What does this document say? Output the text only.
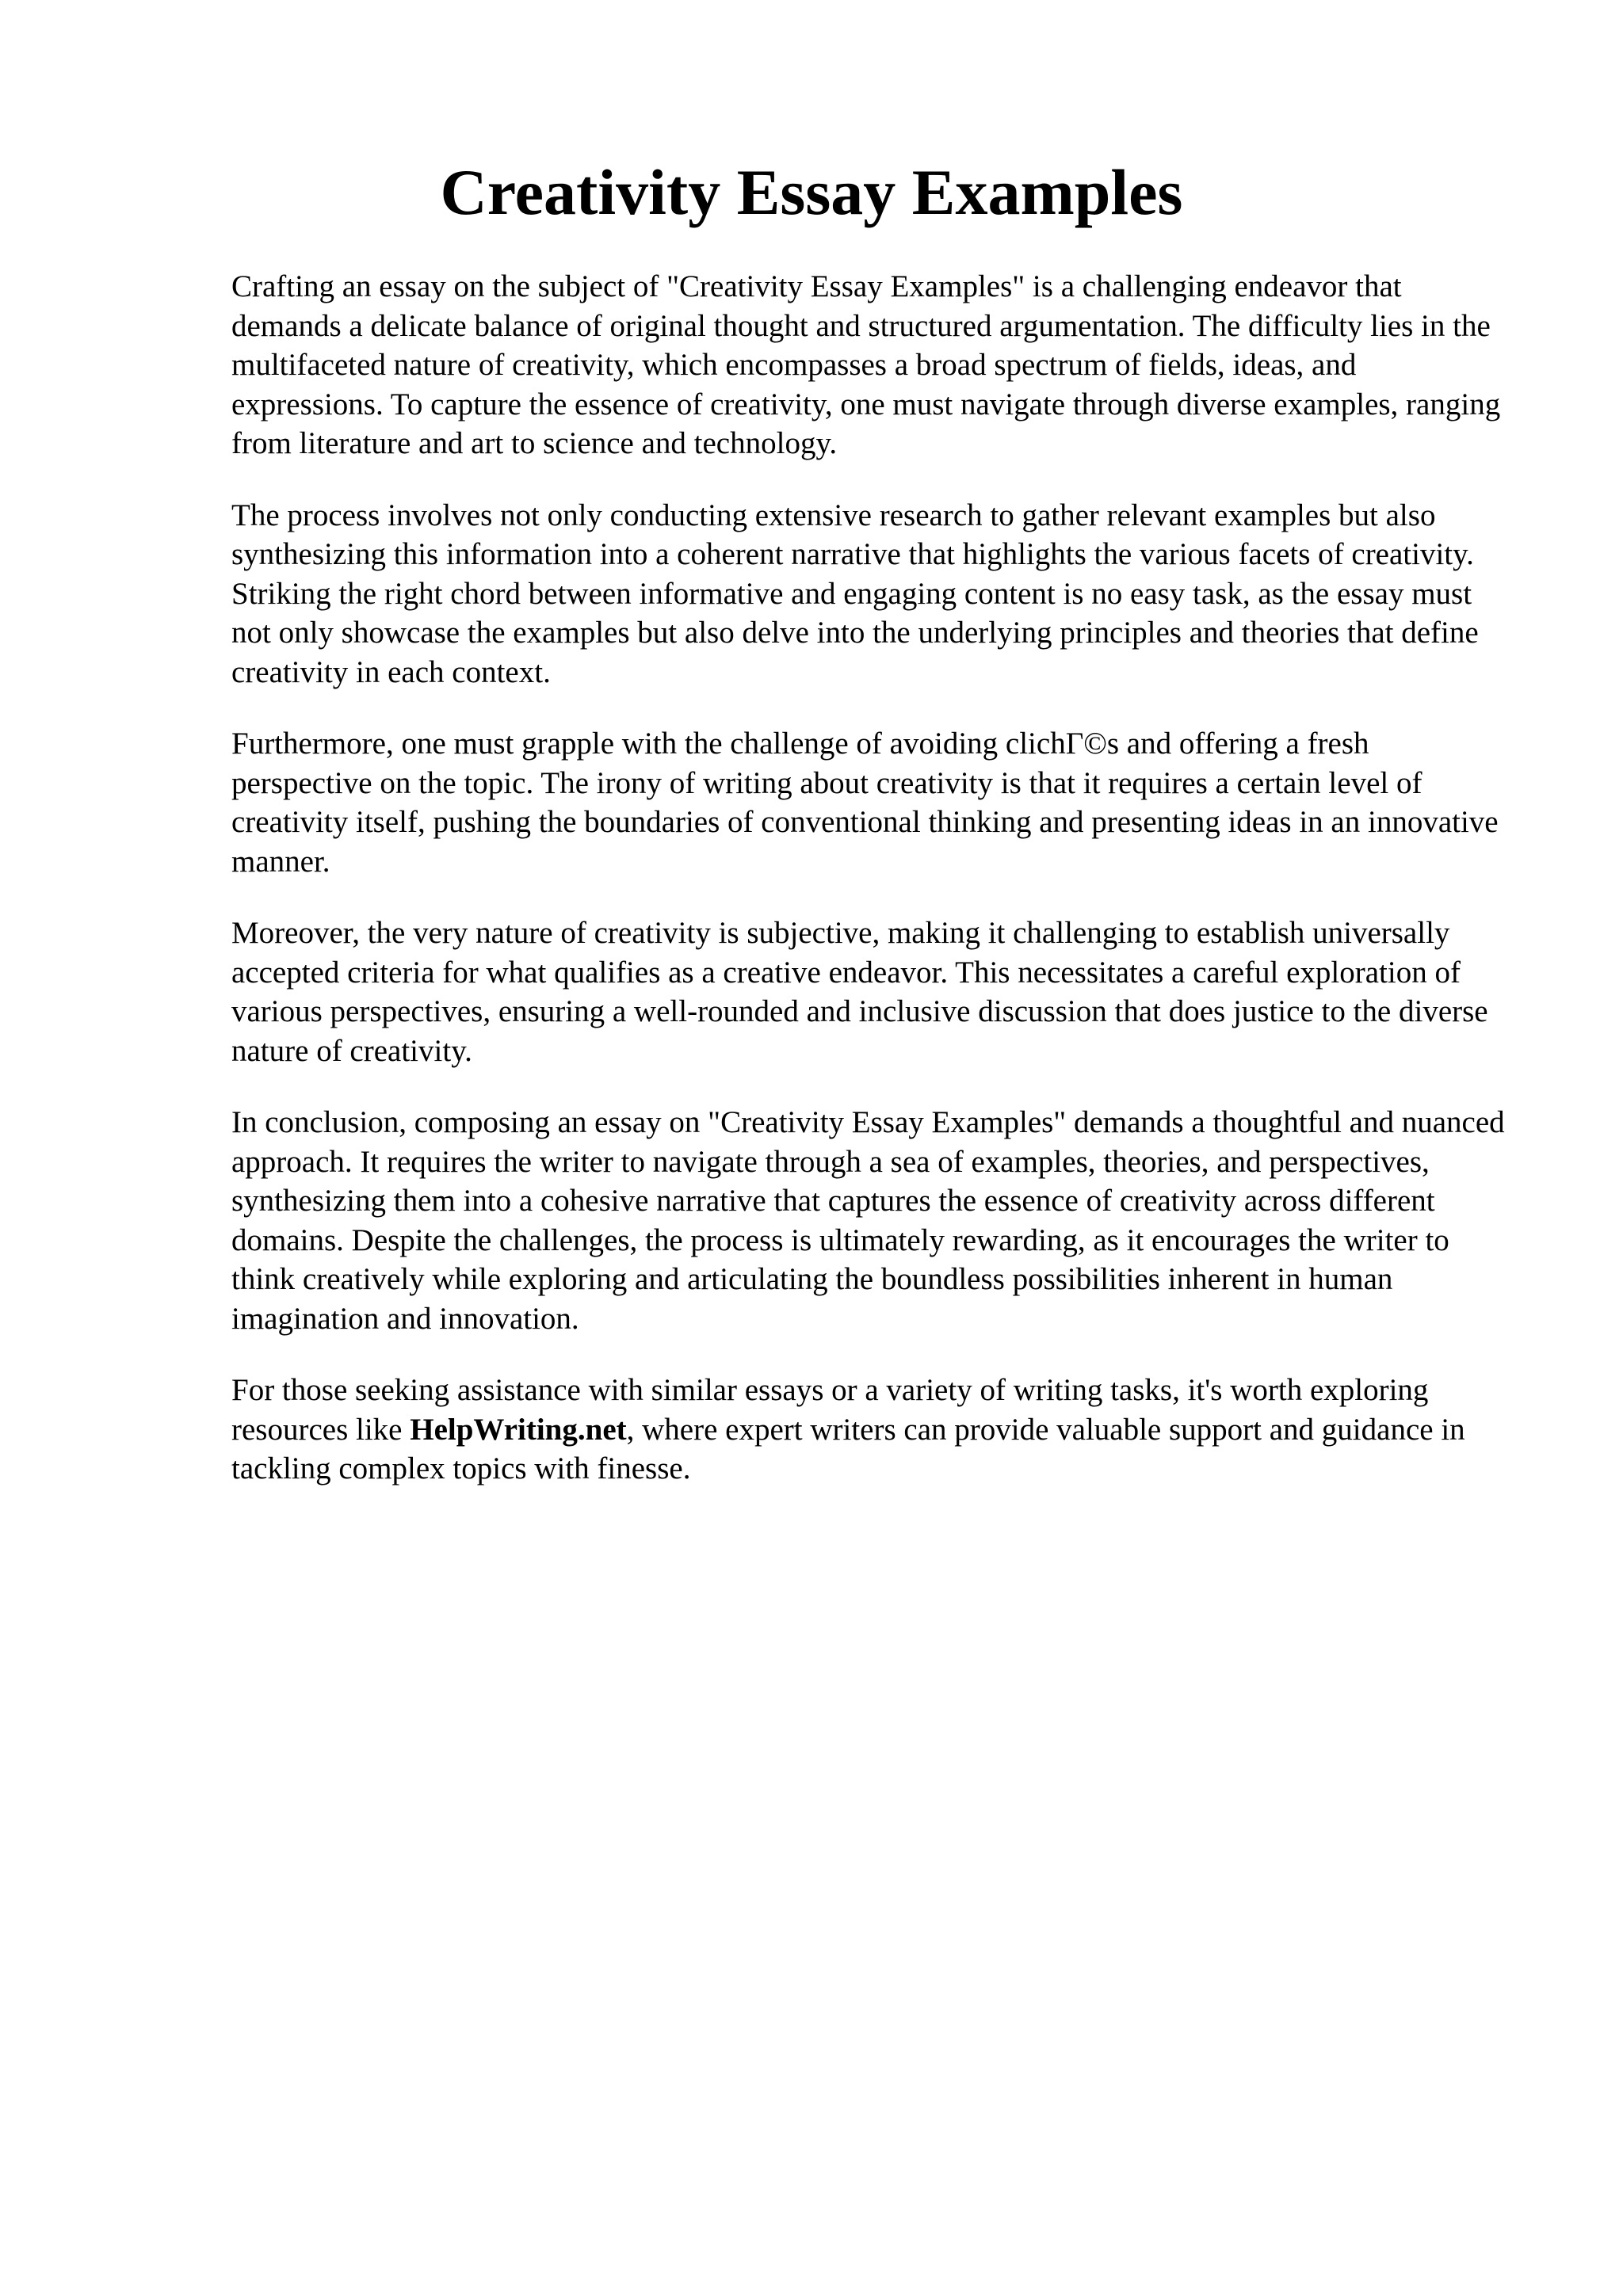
Creativity Essay Examples

Crafting an essay on the subject of "Creativity Essay Examples" is a challenging endeavor that demands a delicate balance of original thought and structured argumentation. The difficulty lies in the multifaceted nature of creativity, which encompasses a broad spectrum of fields, ideas, and expressions. To capture the essence of creativity, one must navigate through diverse examples, ranging from literature and art to science and technology.

The process involves not only conducting extensive research to gather relevant examples but also synthesizing this information into a coherent narrative that highlights the various facets of creativity. Striking the right chord between informative and engaging content is no easy task, as the essay must not only showcase the examples but also delve into the underlying principles and theories that define creativity in each context.

Furthermore, one must grapple with the challenge of avoiding clichΓ©s and offering a fresh perspective on the topic. The irony of writing about creativity is that it requires a certain level of creativity itself, pushing the boundaries of conventional thinking and presenting ideas in an innovative manner.

Moreover, the very nature of creativity is subjective, making it challenging to establish universally accepted criteria for what qualifies as a creative endeavor. This necessitates a careful exploration of various perspectives, ensuring a well-rounded and inclusive discussion that does justice to the diverse nature of creativity.

In conclusion, composing an essay on "Creativity Essay Examples" demands a thoughtful and nuanced approach. It requires the writer to navigate through a sea of examples, theories, and perspectives, synthesizing them into a cohesive narrative that captures the essence of creativity across different domains. Despite the challenges, the process is ultimately rewarding, as it encourages the writer to think creatively while exploring and articulating the boundless possibilities inherent in human imagination and innovation.

For those seeking assistance with similar essays or a variety of writing tasks, it's worth exploring resources like HelpWriting.net, where expert writers can provide valuable support and guidance in tackling complex topics with finesse.
